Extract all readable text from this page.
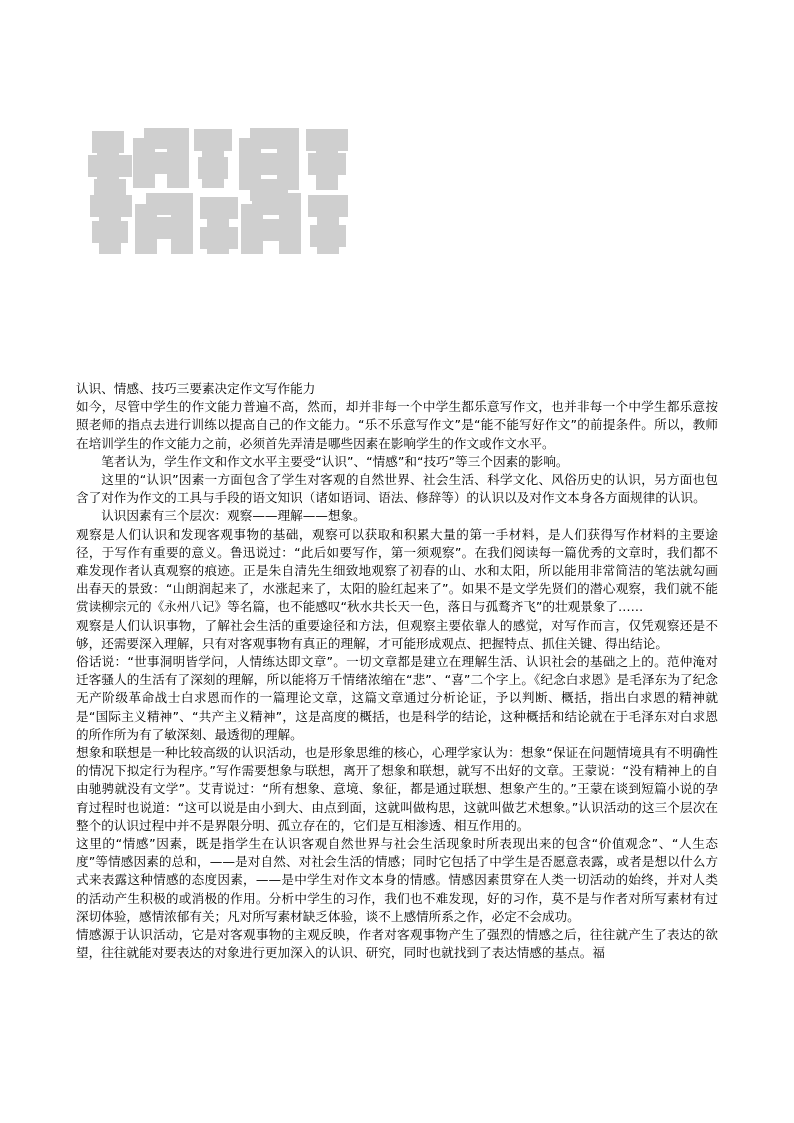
认识、情感、技巧三要素决定作文写作能力

如今，尽管中学生的作文能力普遍不高，然而，却并非每一个中学生都乐意写作文，也并非每一个中学生都乐意按照老师的指点去进行训练以提高自己的作文能力。“乐不乐意写作文”是“能不能写好作文”的前提条件。所以，教师在培训学生的作文能力之前，必须首先弄清是哪些因素在影响学生的作文或作文水平。

笔者认为，学生作文和作文水平主要受“认识”、“情感”和“技巧”等三个因素的影响。

这里的“认识”因素一方面包含了学生对客观的自然世界、社会生活、科学文化、风俗历史的认识，另方面也包含了对作为作文的工具与手段的语文知识（诸如语词、语法、修辞等）的认识以及对作文本身各方面规律的认识。

认识因素有三个层次：观察——理解——想象。

观察是人们认识和发现客观事物的基础，观察可以获取和积累大量的第一手材料，是人们获得写作材料的主要途径，于写作有重要的意义。鲁迅说过：“此后如要写作，第一须观察”。在我们阅读每一篇优秀的文章时，我们都不难发现作者认真观察的痕迹。正是朱自清先生细致地观察了初春的山、水和太阳，所以能用非常简洁的笔法就勾画出春天的景致：“山朗润起来了，水涨起来了，太阳的脸红起来了”。如果不是文学先贤们的潜心观察，我们就不能赏读柳宗元的《永州八记》等名篇，也不能感叹“秋水共长天一色，落日与孤鹜齐飞”的壮观景象了……

观察是人们认识事物，了解社会生活的重要途径和方法，但观察主要依靠人的感觉，对写作而言，仅凭观察还是不够，还需要深入理解，只有对客观事物有真正的理解，才可能形成观点、把握特点、抓住关键、得出结论。

俗话说：“世事洞明皆学问，人情练达即文章”。一切文章都是建立在理解生活、认识社会的基础之上的。范仲淹对迁客骚人的生活有了深刻的理解，所以能将万千情绪浓缩在“悲”、“喜”二个字上。《纪念白求恩》是毛泽东为了纪念无产阶级革命战士白求恩而作的一篇理论文章，这篇文章通过分析论证，予以判断、概括，指出白求恩的精神就是“国际主义精神”、“共产主义精神”，这是高度的概括，也是科学的结论，这种概括和结论就在于毛泽东对白求恩的所作所为有了敏深刻、最透彻的理解。

想象和联想是一种比较高级的认识活动，也是形象思维的核心，心理学家认为：想象“保证在问题情境具有不明确性的情况下拟定行为程序。”写作需要想象与联想，离开了想象和联想，就写不出好的文章。王蒙说：“没有精神上的自由驰骋就没有文学”。艾青说过：“所有想象、意境、象征，都是通过联想、想象产生的。”王蒙在谈到短篇小说的孕育过程时也说道：“这可以说是由小到大、由点到面，这就叫做构思，这就叫做艺术想象。”认识活动的这三个层次在整个的认识过程中并不是界限分明、孤立存在的，它们是互相渗透、相互作用的。

这里的“情感”因素，既是指学生在认识客观自然世界与社会生活现象时所表现出来的包含“价值观念”、“人生态度”等情感因素的总和，——是对自然、对社会生活的情感；同时它包括了中学生是否愿意表露，或者是想以什么方式来表露这种情感的态度因素，——是中学生对作文本身的情感。情感因素贯穿在人类一切活动的始终，并对人类的活动产生积极的或消极的作用。分析中学生的习作，我们也不难发现，好的习作，莫不是与作者对所写素材有过深切体验，感情浓郁有关；凡对所写素材缺乏体验，谈不上感情所系之作，必定不会成功。

情感源于认识活动，它是对客观事物的主观反映，作者对客观事物产生了强烈的情感之后，往往就产生了表达的欲望，往往就能对要表达的对象进行更加深入的认识、研究，同时也就找到了表达情感的基点。福
